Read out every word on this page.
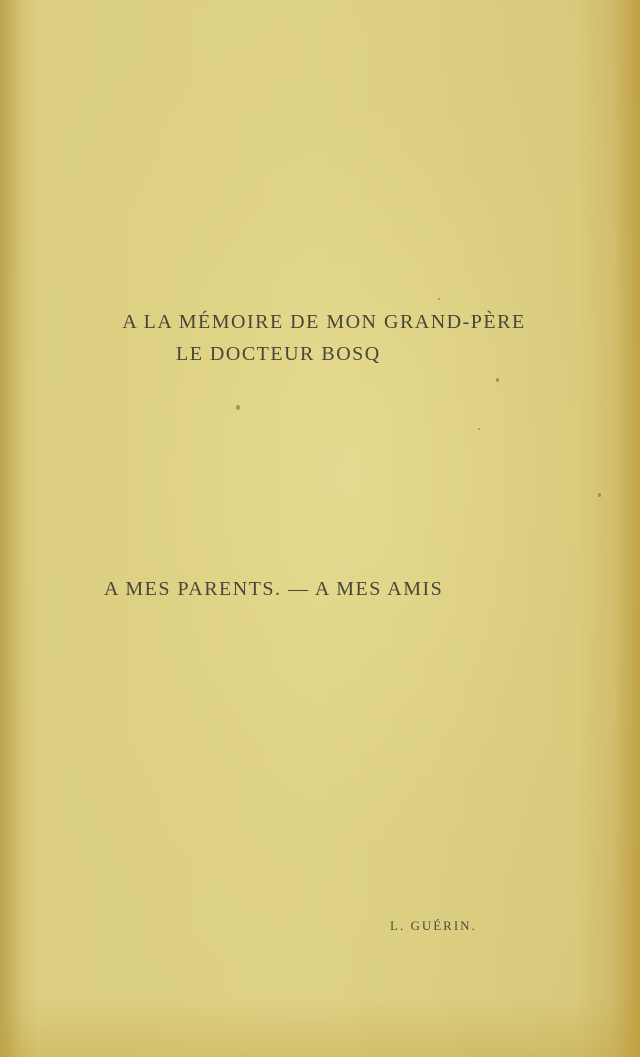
A LA MÉMOIRE DE MON GRAND-PÈRE
LE DOCTEUR BOSQ
A MES PARENTS. — A MES AMIS
L. GUÉRIN.
